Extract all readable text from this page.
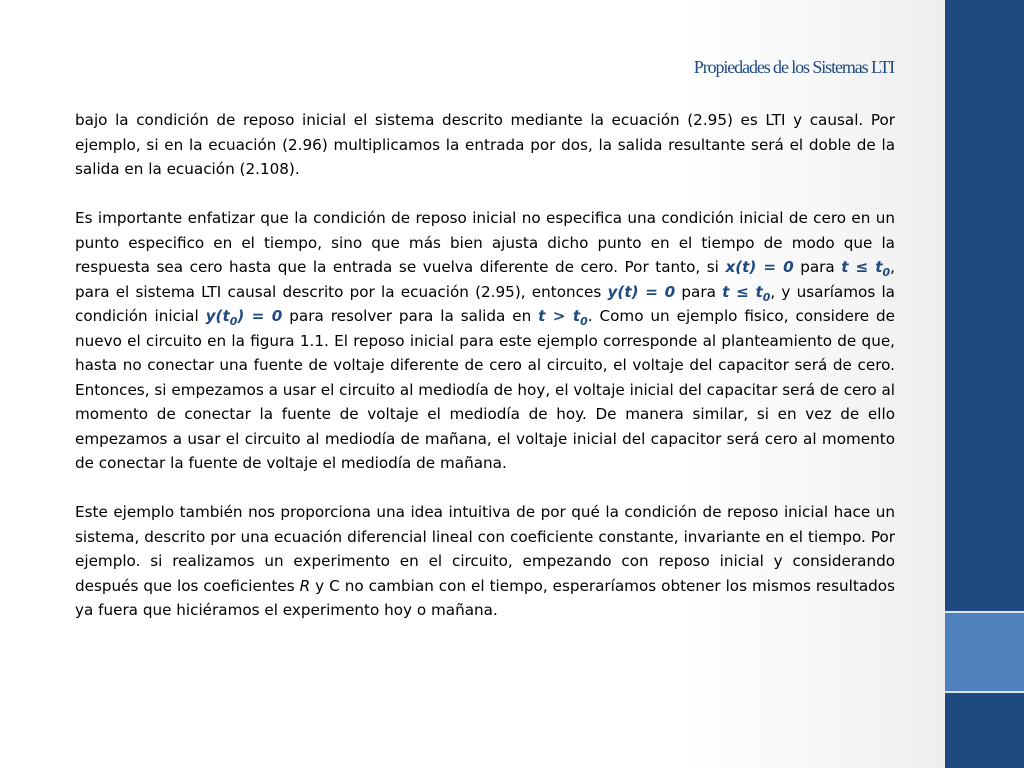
Propiedades de los Sistemas LTI

bajo la condición de reposo inicial el sistema descrito mediante la ecuación (2.95) es LTI y causal. Por ejemplo, si en la ecuación (2.96) multiplicamos la entrada por dos, la salida resultante será el doble de la salida en la ecuación (2.108).

Es importante enfatizar que la condición de reposo inicial no especifica una condición inicial de cero en un punto especifico en el tiempo, sino que más bien ajusta dicho punto en el tiempo de modo que la respuesta sea cero hasta que la entrada se vuelva diferente de cero. Por tanto, si x(t) = 0 para $t \le t_0$, para el sistema LTI causal descrito por la ecuación (2.95), entonces y(t) = 0 para $t \le t_0$, y usaríamos la condición inicial $y(t_0) = 0$ para resolver para la salida en $t > t_0$. Como un ejemplo fisico, considere de nuevo el circuito en la figura 1.1. El reposo inicial para este ejemplo corresponde al planteamiento de que, hasta no conectar una fuente de voltaje diferente de cero al circuito, el voltaje del capacitor será de cero. Entonces, si empezamos a usar el circuito al mediodía de hoy, el voltaje inicial del capacitar será de cero al momento de conectar la fuente de voltaje el mediodía de hoy. De manera similar, si en vez de ello empezamos a usar el circuito al mediodía de mañana, el voltaje inicial del capacitor será cero al momento de conectar la fuente de voltaje el mediodía de mañana.

Este ejemplo también nos proporciona una idea intuitiva de por qué la condición de reposo inicial hace un sistema, descrito por una ecuación diferencial lineal con coeficiente constante, invariante en el tiempo. Por ejemplo. si realizamos un experimento en el circuito, empezando con reposo inicial y considerando después que los coeficientes R y C no cambian con el tiempo, esperaríamos obtener los mismos resultados ya fuera que hiciéramos el experimento hoy o mañana.
